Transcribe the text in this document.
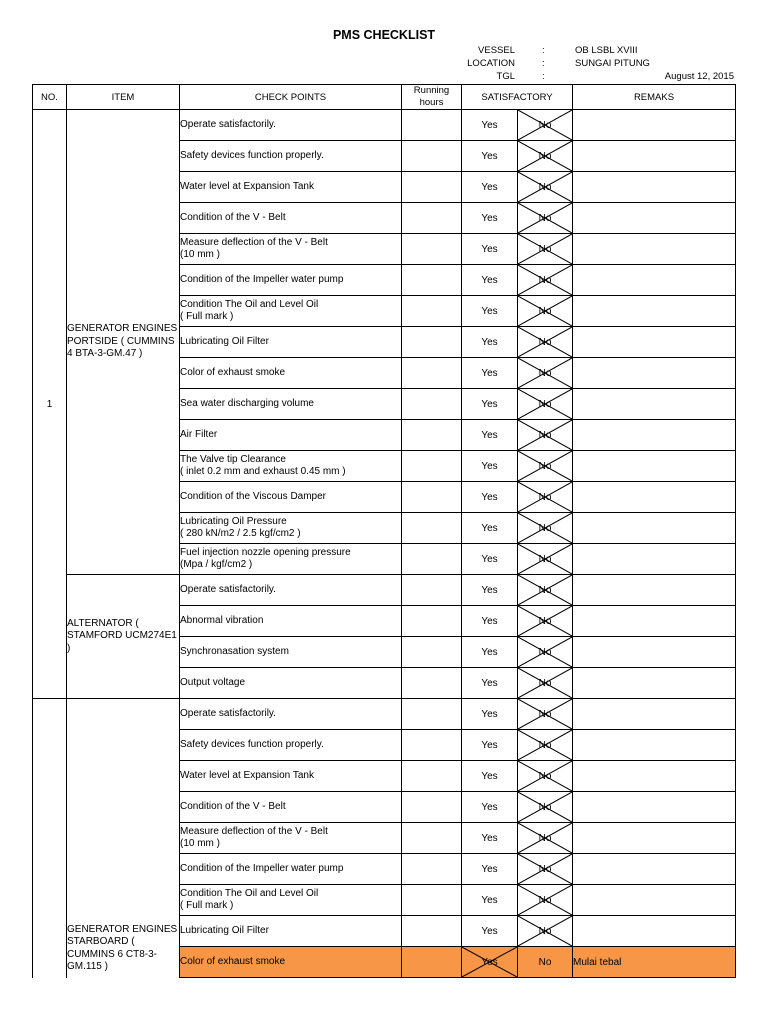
PMS CHECKLIST
VESSEL	:	OB LSBL XVIII
LOCATION	:	SUNGAI PITUNG
TGL	:	August 12, 2015
NO.	ITEM	CHECK POINTS	Running hours	SATISFACTORY		REMAKS
1	GENERATOR ENGINES PORTSIDE ( CUMMINS 4 BTA-3-GM.47 )	Operate satisfactorily.		Yes	No

		Safety devices function properly.		Yes	No

		Water level at Expansion Tank		Yes	No

		Condition of the V - Belt		Yes	No

		Measure deflection of the V - Belt
(10 mm )		Yes	No

		Condition of the Impeller water pump		Yes	No

		Condition The Oil and Level Oil
( Full mark )		Yes	No

		Lubricating Oil Filter		Yes	No

		Color of exhaust smoke		Yes	No

		Sea water discharging volume		Yes	No

		Air Filter		Yes	No

		The Valve tip Clearance
( inlet 0.2 mm and exhaust 0.45 mm )		Yes	No

		Condition of the Viscous Damper		Yes	No

		Lubricating Oil Pressure
( 280 kN/m2 / 2.5 kgf/cm2 )		Yes	No

		Fuel injection nozzle opening pressure
(Mpa / kgf/cm2 )		Yes	No

	ALTERNATOR ( STAMFORD UCM274E1 )	Operate satisfactorily.		Yes	No

		Abnormal vibration		Yes	No

		Synchronasation system		Yes	No

		Output voltage		Yes	No

	GENERATOR ENGINES STARBOARD ( CUMMINS 6 CT8-3-GM.115 )	Operate satisfactorily.		Yes	No

		Safety devices function properly.		Yes	No

		Water level at Expansion Tank		Yes	No

		Condition of the V - Belt		Yes	No

		Measure deflection of the V - Belt
(10 mm )		Yes	No

		Condition of the Impeller water pump		Yes	No

		Condition The Oil and Level Oil
( Full mark )		Yes	No

		Lubricating Oil Filter		Yes	No

		Color of exhaust smoke		Yes	No	Mulai tebal
